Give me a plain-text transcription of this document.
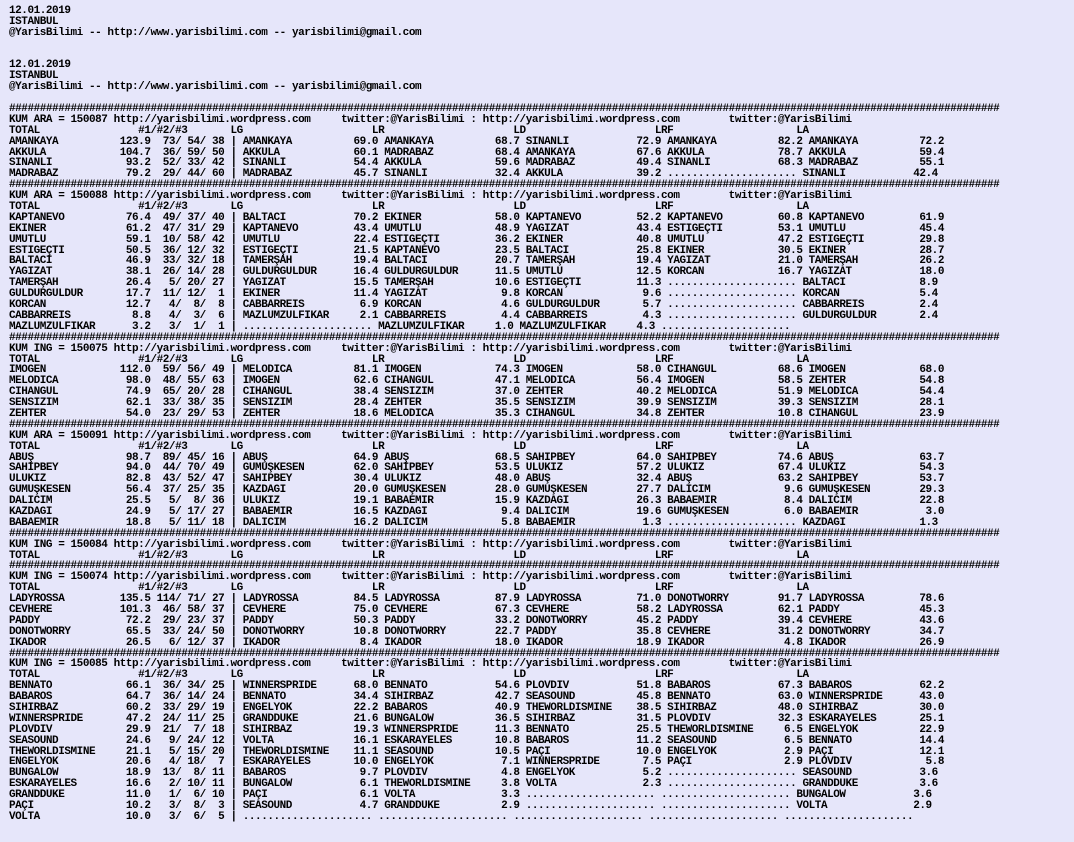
12.01.2019
ISTANBUL
@YarisBilimi -- http://www.yarisbilimi.com -- yarisbilimi@gmail.com
12.01.2019
ISTANBUL
@YarisBilimi -- http://www.yarisbilimi.com -- yarisbilimi@gmail.com
#################################################################################################################################################################
KUM ARA = 150087 http://yarisbilimi.wordpress.com     twitter:@YarisBilimi : http://yarisbilimi.wordpress.com        twitter:@YarisBilimi
TOTAL                #1/#2/#3       LG                     LR                     LD                     LRF                    LA
AMANKAYA          123.9  73/ 54/ 38 | AMANKAYA          69.0 AMANKAYA          68.7 SINANLI           72.9 AMANKAYA          82.2 AMANKAYA          72.2
AKKULA            104.7  36/ 59/ 50 | AKKULA            60.1 MADRABAZ          68.4 AMANKAYA          67.6 AKKULA            78.7 AKKULA            59.4
SINANLI            93.2  52/ 33/ 42 | SINANLI           54.4 AKKULA            59.6 MADRABAZ          49.4 SINANLI           68.3 MADRABAZ          55.1
MADRABAZ           79.2  29/ 44/ 60 | MADRABAZ          45.7 SINANLI           32.4 AKKULA            39.2 ..................... SINANLI           42.4
#################################################################################################################################################################
KUM ARA = 150088 http://yarisbilimi.wordpress.com     twitter:@YarisBilimi : http://yarisbilimi.wordpress.com        twitter:@YarisBilimi
TOTAL                #1/#2/#3       LG                     LR                     LD                     LRF                    LA
KAPTANEVO          76.4  49/ 37/ 40 | BALTACI           70.2 EKINER            58.0 KAPTANEVO         52.2 KAPTANEVO         60.8 KAPTANEVO         61.9
EKINER             61.2  47/ 31/ 29 | KAPTANEVO         43.4 UMUTLU            48.9 YAGIZAT           43.4 ESTIGEÇTI         53.1 UMUTLU            45.4
UMUTLU             59.1  10/ 58/ 42 | UMUTLU            22.4 ESTIGEÇTI         36.2 EKINER            40.8 UMUTLU            47.2 ESTIGEÇTI         29.8
ESTIGEÇTI          50.5  36/ 12/ 32 | ESTIGEÇTI         21.5 KAPTANEVO         23.5 BALTACI           25.8 EKINER            30.5 EKINER            28.7
BALTACI            46.9  33/ 32/ 18 | TAMERŞAH          19.4 BALTACI           20.7 TAMERŞAH          19.4 YAGIZAT           21.0 TAMERŞAH          26.2
YAGIZAT            38.1  26/ 14/ 28 | GULDURGULDUR      16.4 GULDURGULDUR      11.5 UMUTLU            12.5 KORCAN            16.7 YAGIZAT           18.0
TAMERŞAH           26.4   5/ 20/ 27 | YAGIZAT           15.5 TAMERŞAH          10.6 ESTIGEÇTI         11.3 ..................... BALTACI            8.9
GULDURGULDUR       17.7  11/ 12/  1 | EKINER            11.4 YAGIZAT            9.8 KORCAN             9.6 ..................... KORCAN             5.4
KORCAN             12.7   4/  8/  8 | CABBARREIS         6.9 KORCAN             4.6 GULDURGULDUR       5.7 ..................... CABBARREIS         2.4
CABBARREIS          8.8   4/  3/  6 | MAZLUMZULFIKAR     2.1 CABBARREIS         4.4 CABBARREIS         4.3 ..................... GULDURGULDUR       2.4
MAZLUMZULFIKAR      3.2   3/  1/  1 | ..................... MAZLUMZULFIKAR     1.0 MAZLUMZULFIKAR     4.3 .....................
#################################################################################################################################################################
KUM ING = 150075 http://yarisbilimi.wordpress.com     twitter:@YarisBilimi : http://yarisbilimi.wordpress.com        twitter:@YarisBilimi
TOTAL                #1/#2/#3       LG                     LR                     LD                     LRF                    LA
IMOGEN            112.0  59/ 56/ 49 | MELODICA          81.1 IMOGEN            74.3 IMOGEN            58.0 CIHANGUL          68.6 IMOGEN            68.0
MELODICA           98.0  48/ 55/ 63 | IMOGEN            62.6 CIHANGUL          47.1 MELODICA          56.4 IMOGEN            58.5 ZEHTER            54.8
CIHANGUL           74.9  65/ 20/ 28 | CIHANGUL          38.4 SENSIZIM          37.0 ZEHTER            40.2 MELODICA          51.9 MELODICA          54.4
SENSIZIM           62.1  33/ 38/ 35 | SENSIZIM          28.4 ZEHTER            35.5 SENSIZIM          39.9 SENSIZIM          39.3 SENSIZIM          28.1
ZEHTER             54.0  23/ 29/ 53 | ZEHTER            18.6 MELODICA          35.3 CIHANGUL          34.8 ZEHTER            10.8 CIHANGUL          23.9
#################################################################################################################################################################
KUM ARA = 150091 http://yarisbilimi.wordpress.com     twitter:@YarisBilimi : http://yarisbilimi.wordpress.com        twitter:@YarisBilimi
TOTAL                #1/#2/#3       LG                     LR                     LD                     LRF                    LA
ABUŞ               98.7  89/ 45/ 16 | ABUŞ              64.9 ABUŞ              68.5 SAHIPBEY          64.0 SAHIPBEY          74.6 ABUŞ              63.7
SAHIPBEY           94.0  44/ 70/ 49 | GUMUŞKESEN        62.0 SAHIPBEY          53.5 ULUKIZ            57.2 ULUKIZ            67.4 ULUKIZ            54.3
ULUKIZ             82.8  43/ 52/ 47 | SAHIPBEY          30.4 ULUKIZ            48.0 ABUŞ              32.4 ABUŞ              63.2 SAHIPBEY          53.7
GUMUŞKESEN         56.4  37/ 25/ 35 | KAZDAGI           20.0 GUMUŞKESEN        28.0 GUMUŞKESEN        27.7 DALICIM            9.6 GUMUŞKESEN        29.3
DALICIM            25.5   5/  8/ 36 | ULUKIZ            19.1 BABAEMIR          15.9 KAZDAGI           26.3 BABAEMIR           8.4 DALICIM           22.8
KAZDAGI            24.9   5/ 17/ 27 | BABAEMIR          16.5 KAZDAGI            9.4 DALICIM           19.6 GUMUŞKESEN         6.0 BABAEMIR           3.0
BABAEMIR           18.8   5/ 11/ 18 | DALICIM           16.2 DALICIM            5.8 BABAEMIR           1.3 ..................... KAZDAGI            1.3
#################################################################################################################################################################
KUM ING = 150084 http://yarisbilimi.wordpress.com     twitter:@YarisBilimi : http://yarisbilimi.wordpress.com        twitter:@YarisBilimi
TOTAL                #1/#2/#3       LG                     LR                     LD                     LRF                    LA
#################################################################################################################################################################
KUM ING = 150074 http://yarisbilimi.wordpress.com     twitter:@YarisBilimi : http://yarisbilimi.wordpress.com        twitter:@YarisBilimi
TOTAL                #1/#2/#3       LG                     LR                     LD                     LRF                    LA
LADYROSSA         135.5 114/ 71/ 27 | LADYROSSA         84.5 LADYROSSA         87.9 LADYROSSA         71.0 DONOTWORRY        91.7 LADYROSSA         78.6
CEVHERE           101.3  46/ 58/ 37 | CEVHERE           75.0 CEVHERE           67.3 CEVHERE           58.2 LADYROSSA         62.1 PADDY             45.3
PADDY              72.2  29/ 23/ 37 | PADDY             50.3 PADDY             33.2 DONOTWORRY        45.2 PADDY             39.4 CEVHERE           43.6
DONOTWORRY         65.5  33/ 24/ 50 | DONOTWORRY        10.8 DONOTWORRY        22.7 PADDY             35.8 CEVHERE           31.2 DONOTWORRY        34.7
IKADOR             26.5   6/ 12/ 37 | IKADOR             8.4 IKADOR            18.0 IKADOR            18.9 IKADOR             4.8 IKADOR            26.9
#################################################################################################################################################################
KUM ING = 150085 http://yarisbilimi.wordpress.com     twitter:@YarisBilimi : http://yarisbilimi.wordpress.com        twitter:@YarisBilimi
TOTAL                #1/#2/#3       LG                     LR                     LD                     LRF                    LA
BENNATO            66.1  36/ 34/ 25 | WINNERSPRIDE      68.0 BENNATO           54.6 PLOVDIV           51.8 BABAROS           67.3 BABAROS           62.2
BABAROS            64.7  36/ 14/ 24 | BENNATO           34.4 SIHIRBAZ          42.7 SEASOUND          45.8 BENNATO           63.0 WINNERSPRIDE      43.0
SIHIRBAZ           60.2  33/ 29/ 19 | ENGELYOK          22.2 BABAROS           40.9 THEWORLDISMINE    38.5 SIHIRBAZ          48.0 SIHIRBAZ          30.0
WINNERSPRIDE       47.2  24/ 11/ 25 | GRANDDUKE         21.6 BUNGALOW          36.5 SIHIRBAZ          31.5 PLOVDIV           32.3 ESKARAYELES       25.1
PLOVDIV            29.9  21/  7/ 18 | SIHIRBAZ          19.3 WINNERSPRIDE      11.3 BENNATO           25.5 THEWORLDISMINE     6.5 ENGELYOK          22.9
SEASOUND           24.6   9/ 24/ 12 | VOLTA             16.1 ESKARAYELES       10.8 BABAROS           11.2 SEASOUND           6.5 BENNATO           14.4
THEWORLDISMINE     21.1   5/ 15/ 20 | THEWORLDISMINE    11.1 SEASOUND          10.5 PAÇI              10.0 ENGELYOK           2.9 PAÇI              12.1
ENGELYOK           20.6   4/ 18/  7 | ESKARAYELES       10.0 ENGELYOK           7.1 WINNERSPRIDE       7.5 PAÇI               2.9 PLOVDIV            5.8
BUNGALOW           18.9  13/  8/ 11 | BABAROS            9.7 PLOVDIV            4.8 ENGELYOK           5.2 ..................... SEASOUND           3.6
ESKARAYELES        16.6   2/ 10/ 11 | BUNGALOW           6.1 THEWORLDISMINE     3.8 VOLTA              2.3 ..................... GRANDDUKE          3.6
GRANDDUKE          11.0   1/  6/ 10 | PAÇI               6.1 VOLTA              3.3 ..................... ..................... BUNGALOW           3.6
PAÇI               10.2   3/  8/  3 | SEASOUND           4.7 GRANDDUKE          2.9 ..................... ..................... VOLTA              2.9
VOLTA              10.0   3/  6/  5 | ..................... ..................... ..................... ..................... .....................
